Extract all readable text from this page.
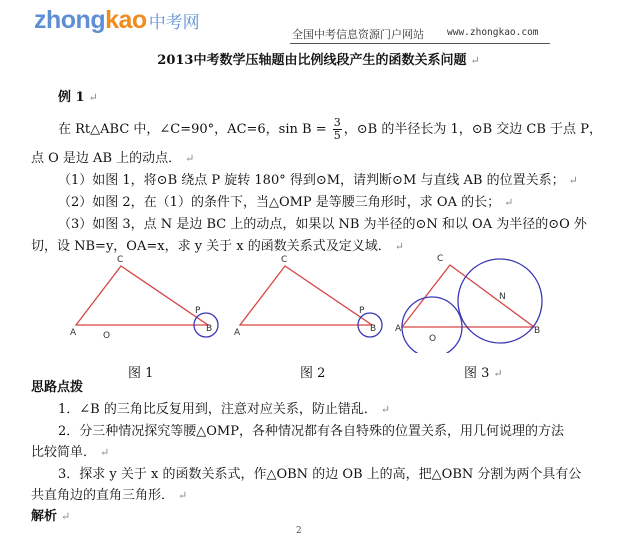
zhong kao 中考网
全国中考信息资源门户网站 www.zhongkao.com
2013中考数学压轴题由比例线段产生的函数关系问题 ↵
例 1 ↵
在 Rt△ABC 中，∠C=90°，AC=6，$\sin B = \frac{3}{5}$ ，⊙B 的半径长为 1，⊙B 交边 CB 于点 P，
点 O 是边 AB 上的动点． ↵
（1）如图 1，将⊙B 绕点 P 旋转 180° 得到⊙M，请判断⊙M 与直线 AB 的位置关系； ↵
（2）如图 2，在（1）的条件下，当△OMP 是等腰三角形时，求 OA 的长； ↵
（3）如图 3，点 N 是边 BC 上的动点，如果以 NB 为半径的⊙N 和以 OA 为半径的⊙O 外
切，设 NB=y，OA=x，求 y 关于 x 的函数关系式及定义域． ↵
A
C
O
P
B A
C
P
B A
C
O
N
B
图 1	图 2	图 3 ↵
思路点拨
1．∠B 的三角比反复用到，注意对应关系，防止错乱． ↵
2．分三种情况探究等腰△OMP，各种情况都有各自特殊的位置关系，用几何说理的方法
比较简单． ↵
3．探求 y 关于 x 的函数关系式，作△OBN 的边 OB 上的高，把△OBN 分割为两个具有公
共直角边的直角三角形． ↵
解析 ↵
2
